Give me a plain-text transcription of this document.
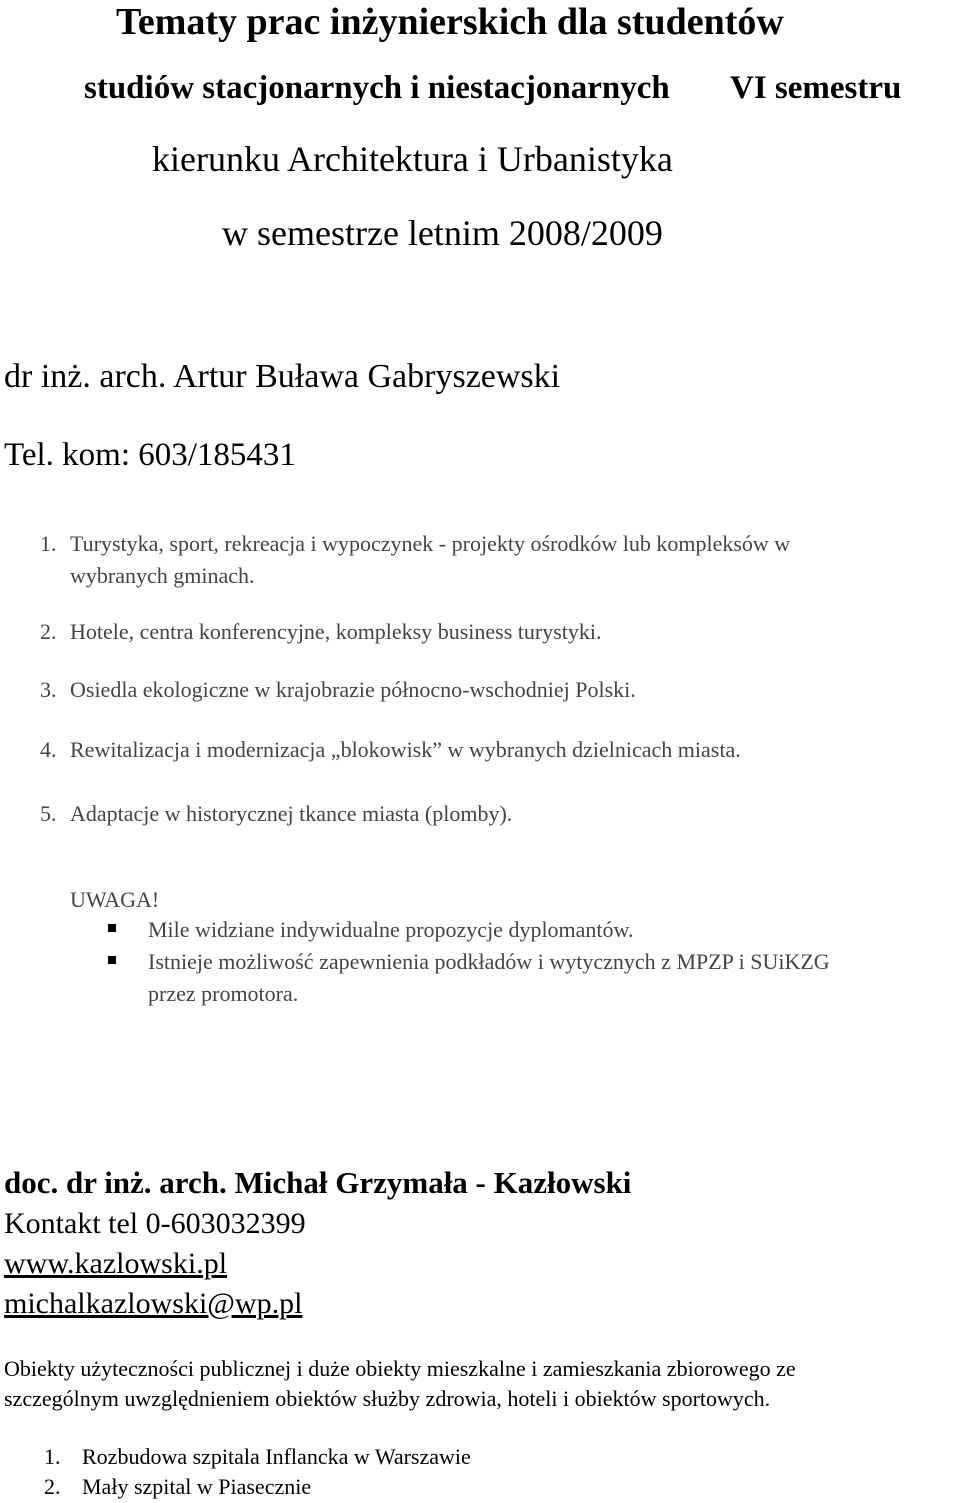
Tematy prac inżynierskich dla studentów
studiów stacjonarnych i niestacjonarnych VI semestru
kierunku Architektura i Urbanistyka
w semestrze letnim 2008/2009
dr inż. arch. Artur Buława Gabryszewski
Tel. kom: 603/185431
1. Turystyka, sport, rekreacja i wypoczynek - projekty ośrodków lub kompleksów w
wybranych gminach.
2. Hotele, centra konferencyjne, kompleksy business turystyki.
3. Osiedla ekologiczne w krajobrazie północno-wschodniej Polski.
4. Rewitalizacja i modernizacja „blokowisk” w wybranych dzielnicach miasta.
5. Adaptacje w historycznej tkance miasta (plomby).
UWAGA!
Mile widziane indywidualne propozycje dyplomantów.
Istnieje możliwość zapewnienia podkładów i wytycznych z MPZP i SUiKZG
przez promotora.
doc. dr inż. arch. Michał Grzymała - Kazłowski
Kontakt tel 0-603032399
www.kazlowski.pl
michalkazlowski@wp.pl
Obiekty użyteczności publicznej i duże obiekty mieszkalne i zamieszkania zbiorowego ze
szczególnym uwzględnieniem obiektów służby zdrowia, hoteli i obiektów sportowych.
1. Rozbudowa szpitala Inflancka w Warszawie
2. Mały szpital w Piasecznie
